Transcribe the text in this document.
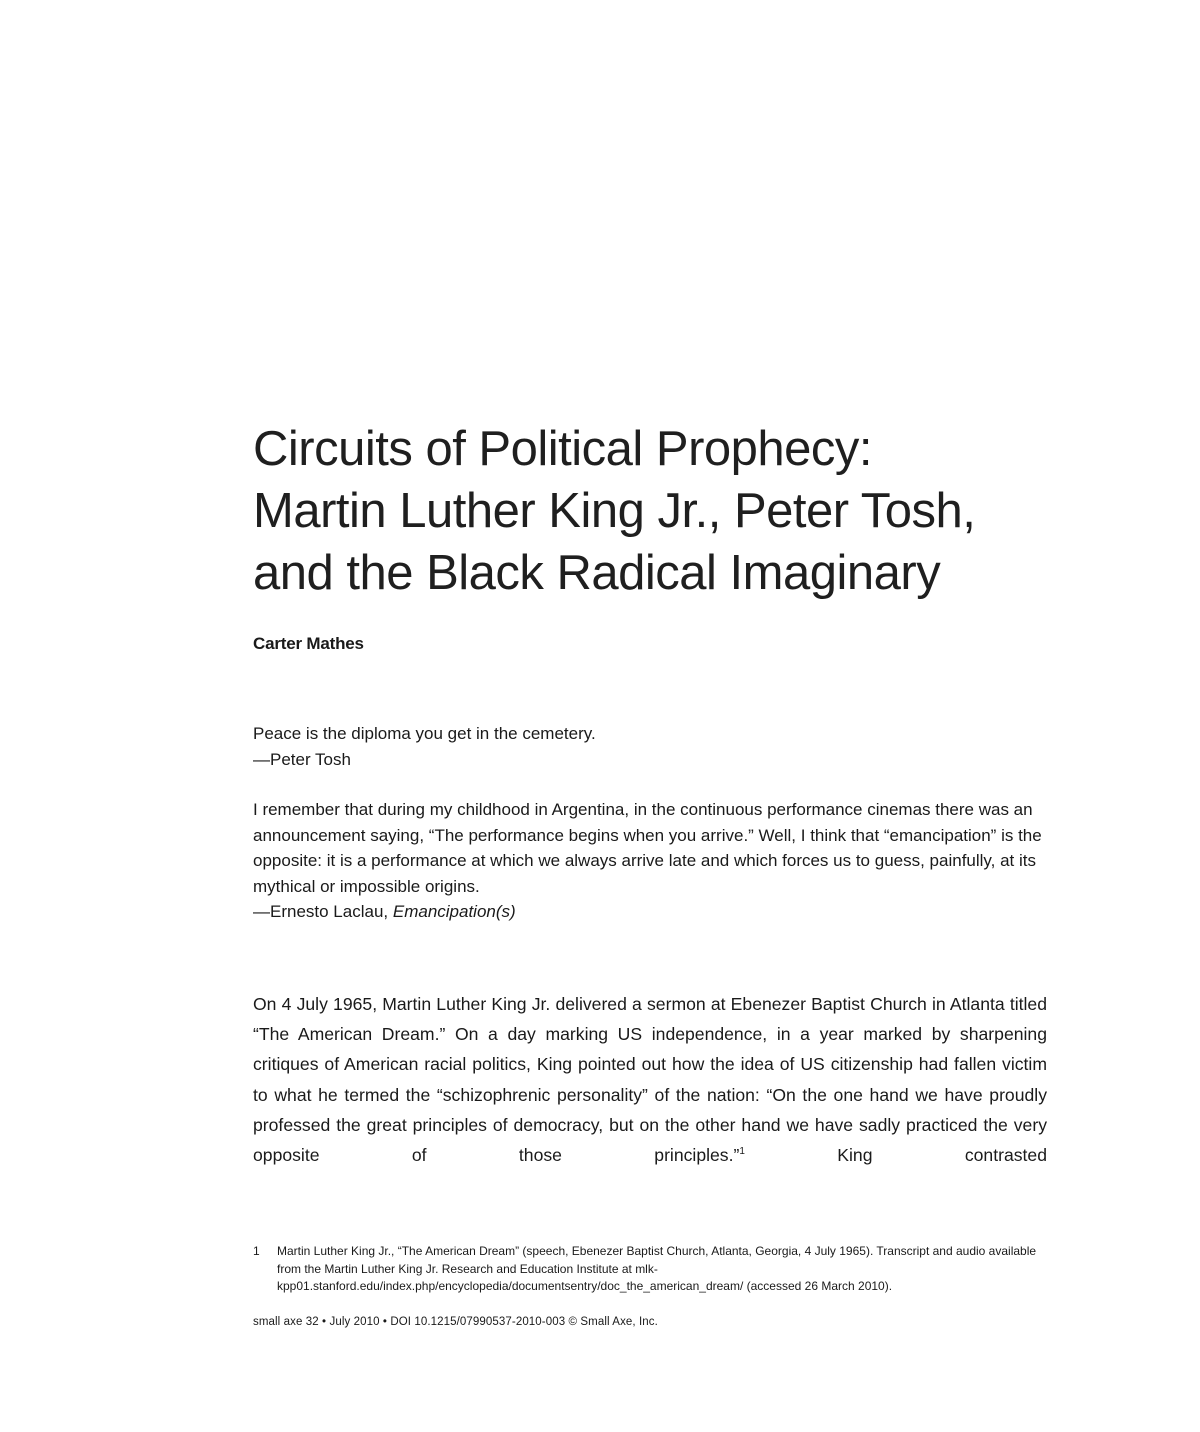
Circuits of Political Prophecy:
Martin Luther King Jr., Peter Tosh,
and the Black Radical Imaginary

Carter Mathes

Peace is the diploma you get in the cemetery.

—Peter Tosh

I remember that during my childhood in Argentina, in the continuous performance cinemas there was an announcement saying, “The performance begins when you arrive.” Well, I think that “emancipation” is the opposite: it is a performance at which we always arrive late and which forces us to guess, painfully, at its mythical or impossible origins.

—Ernesto Laclau, Emancipation(s)

On 4 July 1965, Martin Luther King Jr. delivered a sermon at Ebenezer Baptist Church in Atlanta titled “The American Dream.” On a day marking US independence, in a year marked by sharpening critiques of American racial politics, King pointed out how the idea of US citizenship had fallen victim to what he termed the “schizophrenic personality” of the nation: “On the one hand we have proudly professed the great principles of democracy, but on the other hand we have sadly practiced the very opposite of those principles.”$^1$ King contrasted

1	Martin Luther King Jr., “The American Dream” (speech, Ebenezer Baptist Church, Atlanta, Georgia, 4 July 1965). Transcript and audio available from the Martin Luther King Jr. Research and Education Institute at mlk-kpp01.stanford.edu/index.php/encyclopedia/documentsentry/doc_the_american_dream/ (accessed 26 March 2010).

small axe 32 • July 2010 • DOI 10.1215/07990537-2010-003 © Small Axe, Inc.
